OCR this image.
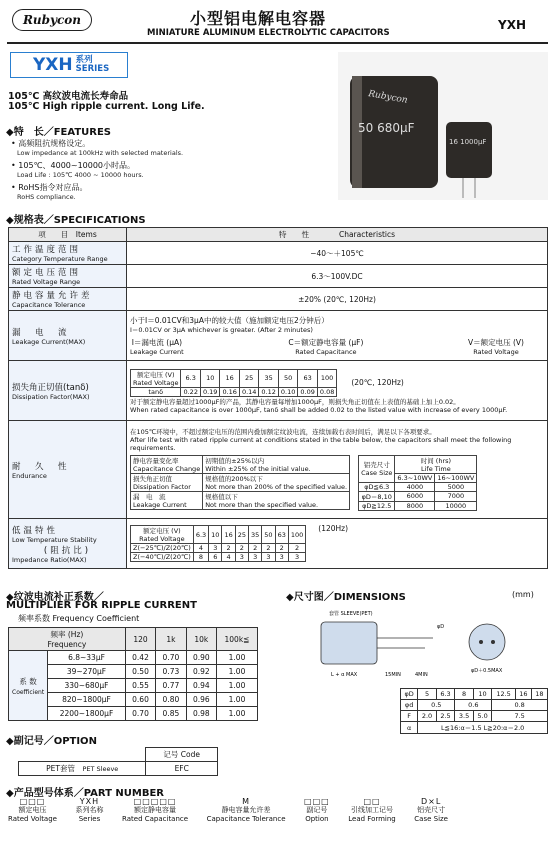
Rubycon	小型铝电解电容器
MINIATURE ALUMINUM ELECTROLYTIC CAPACITORS
YXH
YXH 系列
SERIES
105℃ 高纹波电流长寿命品
105℃ High ripple current. Long Life.
Rubycon
50 680μF
16 1000μF
◆特　长／FEATURES
• 高频阻抗规格设定。
Low impedance at 100kHz with selected materials.
• 105℃、4000~10000小时品。
Load Life : 105℃ 4000 ~ 10000 hours.
• RoHS指令对应品。
RoHS compliance.
◆规格表／SPECIFICATIONS
项　　目　 Items	特　　性　　　　	Characteristics

工作温度范围
Category Temperature Range
	−40～＋105℃

额定电压范围
Rated Voltage Range
	6.3～100V.DC

静电容量允许差
Capacitance Tolerance
	±20% (20℃, 120Hz)

漏　电　流
Leakage Current(MAX)

小于I＝0.01CV和3μA中的较大值（施加额定电压2分钟后）
I＝0.01CV or 3μA whichever is greater. (After 2 minutes)
I＝漏电流 (μA)
Leakage Current
C＝额定静电容量 (μF)
Rated Capacitance
V＝额定电压 (V)
Rated Voltage

损失角正切值(tanδ)
Dissipation Factor(MAX)

额定电压 (V)
Rated Voltage	6.3	10	16	25	35	50	63	100
tanδ	0.22	0.19	0.16	0.14	0.12	0.10	0.09	0.08
(20℃, 120Hz)
对于额定静电容量超过1000μF的产品，其静电容量每增加1000μF，则损失角正切值在上表值的基础上加上0.02。
When rated capacitance is over 1000μF, tanδ shall be added 0.02 to the listed value with increase of every 1000μF.

耐　久　性
Endurance

在105℃环境中，不超过额定电压的范围内叠加额定纹波电流，连续加载右表时间后，满足以下各项要求。
After life test with rated ripple current at conditions stated in the table below, the capacitors shall meet the following requirements.
静电容量变化率
Capacitance Change	初期值的±25%以内
Within ±25% of the initial value.
损失角正切值
Dissipation Factor	规格值的200%以下
Not more than 200% of the specified value.
漏　电　流
Leakage Current	规格值以下
Not more than the specified value.
铝壳尺寸
Case Size	时间 (hrs)
Life Time
6.3~10WV	16~100WV
φD≦6.3	4000	5000
φD＝8,10	6000	7000
φD≧12.5	8000	10000

低温特性
Low Temperature Stability
(阻抗比)
Impedance Ratio(MAX)

额定电压 (V)
Rated Voltage	6.3	10	16	25	35	50	63	100
Z(−25℃)/Z(20℃)	4	3	2	2	2	2	2	2
Z(−40℃)/Z(20℃)	8	6	4	3	3	3	3	3
(120Hz)
◆纹波电流补正系数／
MULTIPLIER FOR RIPPLE CURRENT
频率系数 Frequency Coefficient
频率 (Hz)
Frequency		120	1k	10k	100k≦
系 数
Coefficient	6.8~33μF	0.42	0.70	0.90	1.00
	39~270μF	0.50	0.73	0.92	1.00
	330~680μF	0.55	0.77	0.94	1.00
	820~1800μF	0.60	0.80	0.96	1.00
	2200~1800μF	0.70	0.85	0.98	1.00
◆尺寸图／DIMENSIONS	(mm)
套管 SLEEVE(PET)
L + α MAX	15MIN	4MIN
φD
φD＋0.5MAX
φD	5	6.3	8	10	12.5	16	18
φd	0.5		0.6		0.8		
F	2.0	2.5	3.5	5.0	7.5		
α	L≦16:α＝1.5 L≧20:α＝2.0						
◆副记号／OPTION
	记号 Code
PET套管　 PET Sleeve	EFC
◆产品型号体系／PART NUMBER
□□□
额定电压
Rated Voltage
YXH
系列名称
Series
□□□□□
额定静电容量
Rated Capacitance
M
静电容量允许差
Capacitance Tolerance
□□□
副记号
Option
□□
引线加工记号
Lead Forming
D×L
铝壳尺寸
Case Size
